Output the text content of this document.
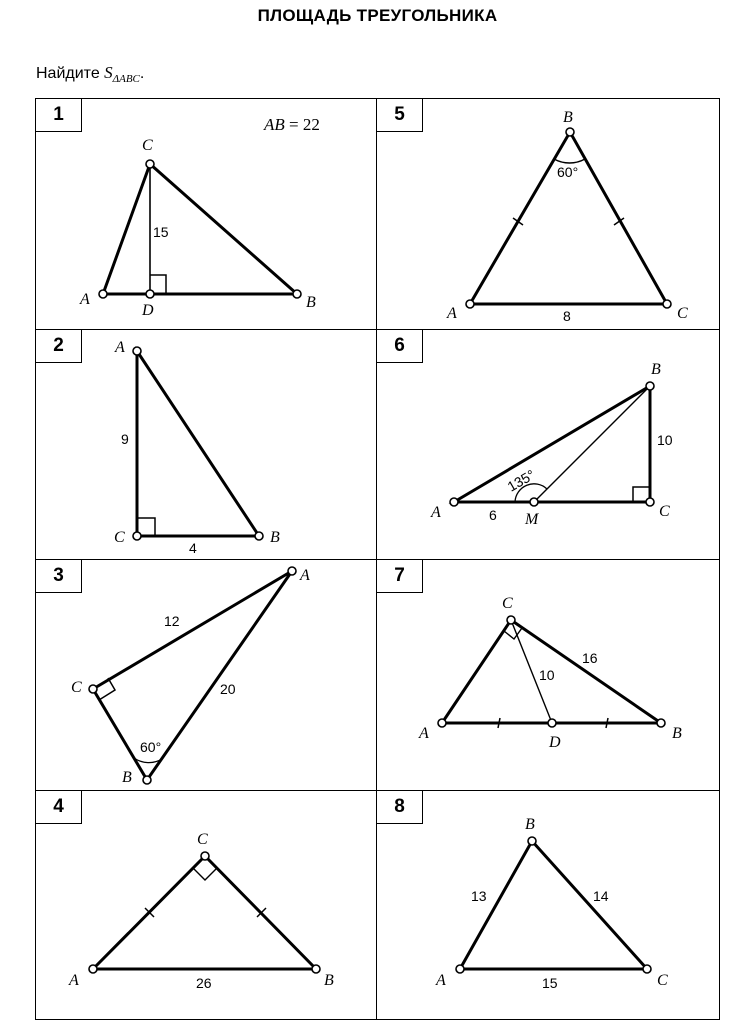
ПЛОЩАДЬ ТРЕУГОЛЬНИКА
Найдите $S_{\Delta ABC}$.
1	AB = 22
A	B
C
D
15
5
A
B
C
60°
8
2	A
C	B
9
4
6
A
B
C
M
6
10
135°
3	A
C
B
12
20
60°
7
A
C
B
D
10
16
4
A
C
B
26
8
A
B
C
13	14
15
